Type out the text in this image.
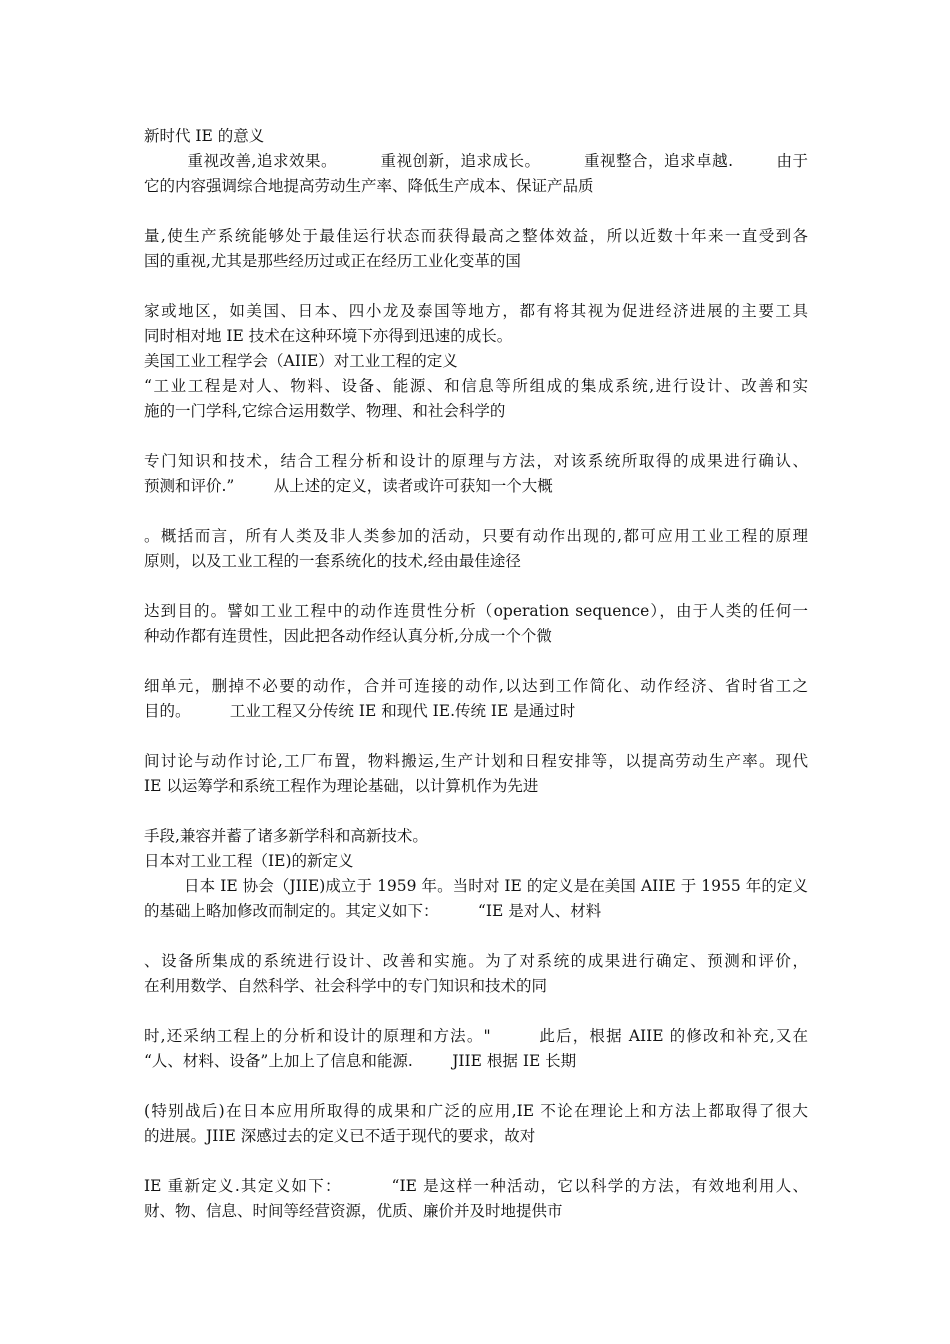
新时代 IE 的意义
重视改善,追求效果。        重视创新，追求成长。        重视整合，追求卓越.        由于
它的内容强调综合地提高劳动生产率、降低生产成本、保证产品质
量,使生产系统能够处于最佳运行状态而获得最高之整体效益，所以近数十年来一直受到各
国的重视,尤其是那些经历过或正在经历工业化变革的国
家或地区，如美国、日本、四小龙及泰国等地方，都有将其视为促进经济进展的主要工具
同时相对地 IE 技术在这种环境下亦得到迅速的成长。
美国工业工程学会（AIIE）对工业工程的定义
“工业工程是对人、物料、设备、能源、和信息等所组成的集成系统,进行设计、改善和实
施的一门学科,它综合运用数学、物理、和社会科学的
专门知识和技术，结合工程分析和设计的原理与方法，对该系统所取得的成果进行确认、
预测和评价.”        从上述的定义，读者或许可获知一个大概
。概括而言，所有人类及非人类参加的活动，只要有动作出现的,都可应用工业工程的原理
原则，以及工业工程的一套系统化的技术,经由最佳途径
达到目的。譬如工业工程中的动作连贯性分析（operation sequence），由于人类的任何一
种动作都有连贯性，因此把各动作经认真分析,分成一个个微
细单元，删掉不必要的动作，合并可连接的动作,以达到工作简化、动作经济、省时省工之
目的。        工业工程又分传统 IE 和现代 IE.传统 IE 是通过时
间讨论与动作讨论,工厂布置，物料搬运,生产计划和日程安排等，以提高劳动生产率。现代
IE 以运筹学和系统工程作为理论基础，以计算机作为先进
手段,兼容并蓄了诸多新学科和高新技术。
日本对工业工程（IE)的新定义
日本 IE 协会（JIIE)成立于 1959 年。当时对 IE 的定义是在美国 AIIE 于 1955 年的定义
的基础上略加修改而制定的。其定义如下：        “IE 是对人、材料
、设备所集成的系统进行设计、改善和实施。为了对系统的成果进行确定、预测和评价，
在利用数学、自然科学、社会科学中的专门知识和技术的同
时,还采纳工程上的分析和设计的原理和方法。"        此后，根据 AIIE 的修改和补充,又在
“人、材料、设备”上加上了信息和能源.        JIIE 根据 IE 长期
(特别战后)在日本应用所取得的成果和广泛的应用,IE 不论在理论上和方法上都取得了很大
的进展。JIIE 深感过去的定义已不适于现代的要求，故对
IE 重新定义.其定义如下：        “IE 是这样一种活动，它以科学的方法，有效地利用人、
财、物、信息、时间等经营资源，优质、廉价并及时地提供市
